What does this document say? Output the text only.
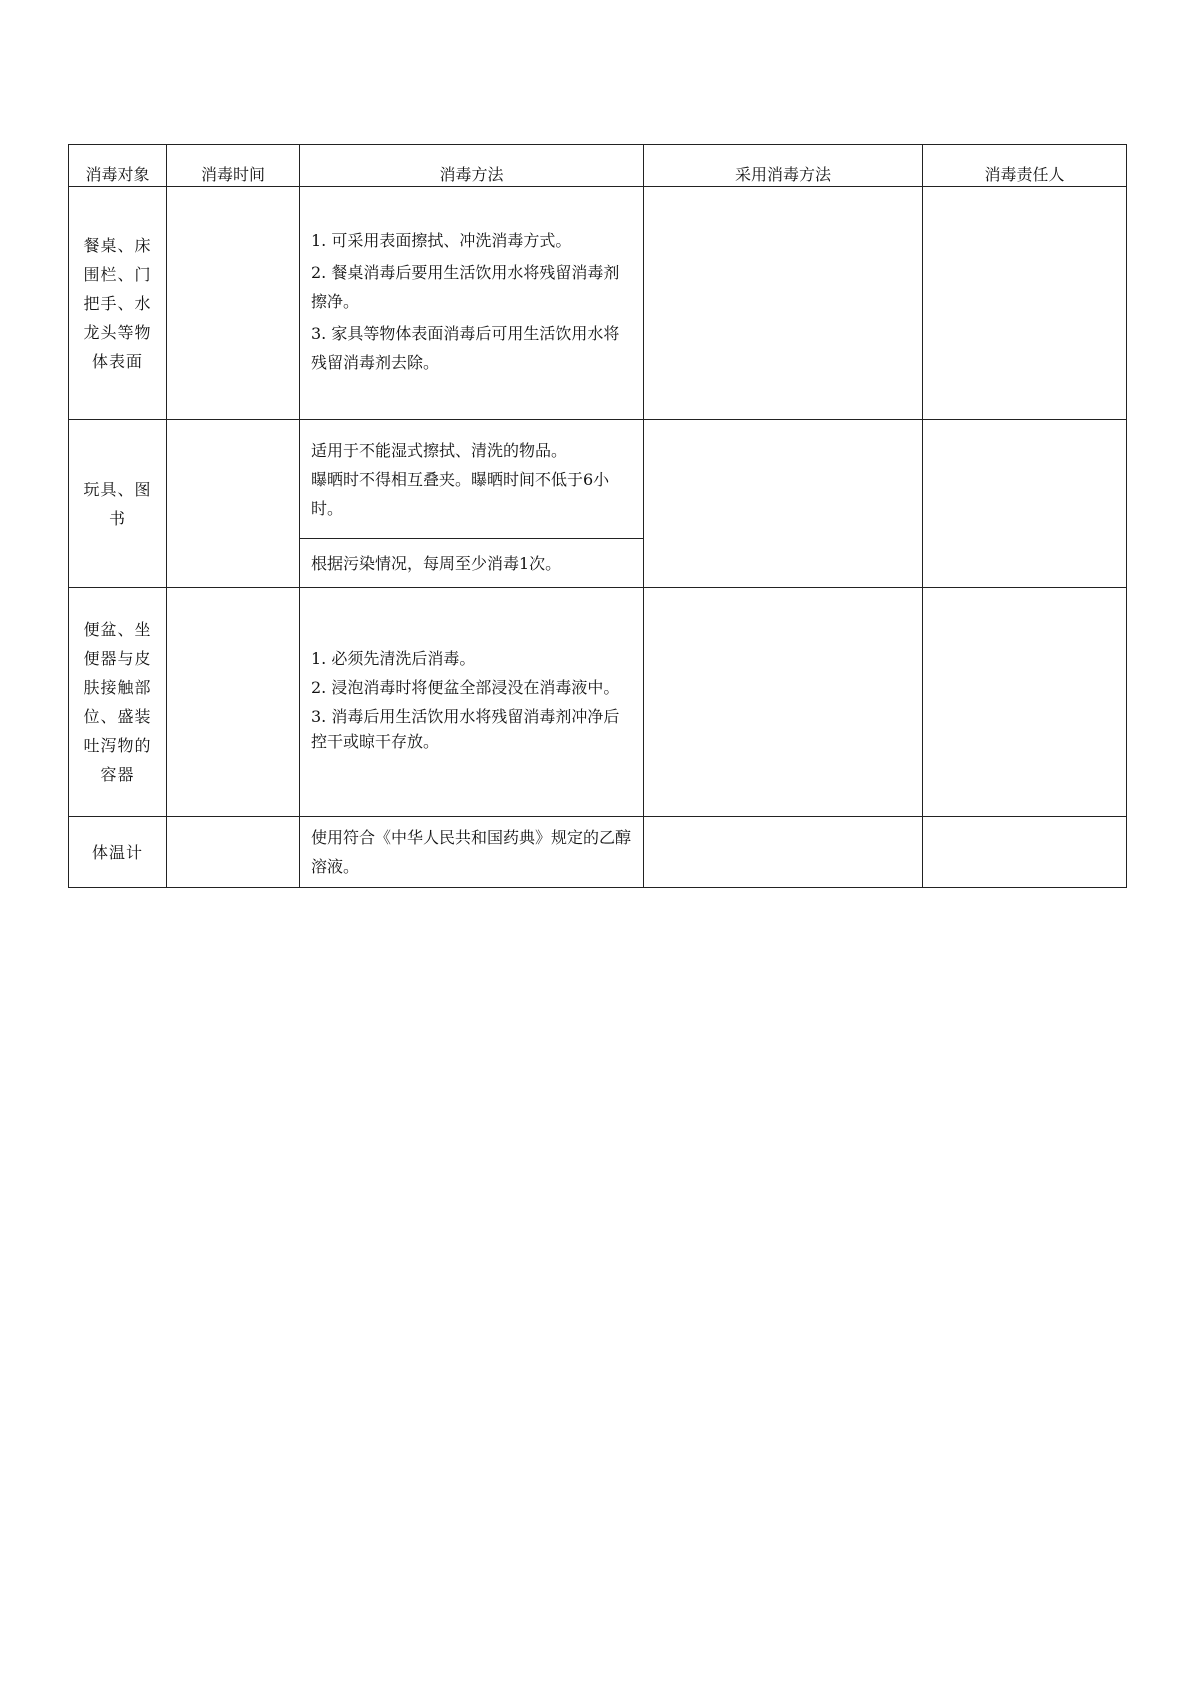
消毒对象	消毒时间	消毒方法	采用消毒方法	消毒责任人
餐桌、床围栏、门把手、水龙头等物体表面		1. 可采用表面擦拭、冲洗消毒方式。

2. 餐桌消毒后要用生活饮用水将残留消毒剂擦净。

3. 家具等物体表面消毒后可用生活饮用水将残留消毒剂去除。		

玩具、图书		适用于不能湿式擦拭、清洗的物品。

曝晒时不得相互叠夹。曝晒时间不低于6小时。		

		根据污染情况，每周至少消毒1次。		

便盆、坐便器与皮肤接触部位、盛装吐泻物的容器		1. 必须先清洗后消毒。

2. 浸泡消毒时将便盆全部浸没在消毒液中。

3. 消毒后用生活饮用水将残留消毒剂冲净后控干或晾干存放。		

体温计		使用符合《中华人民共和国药典》规定的乙醇溶液。		
